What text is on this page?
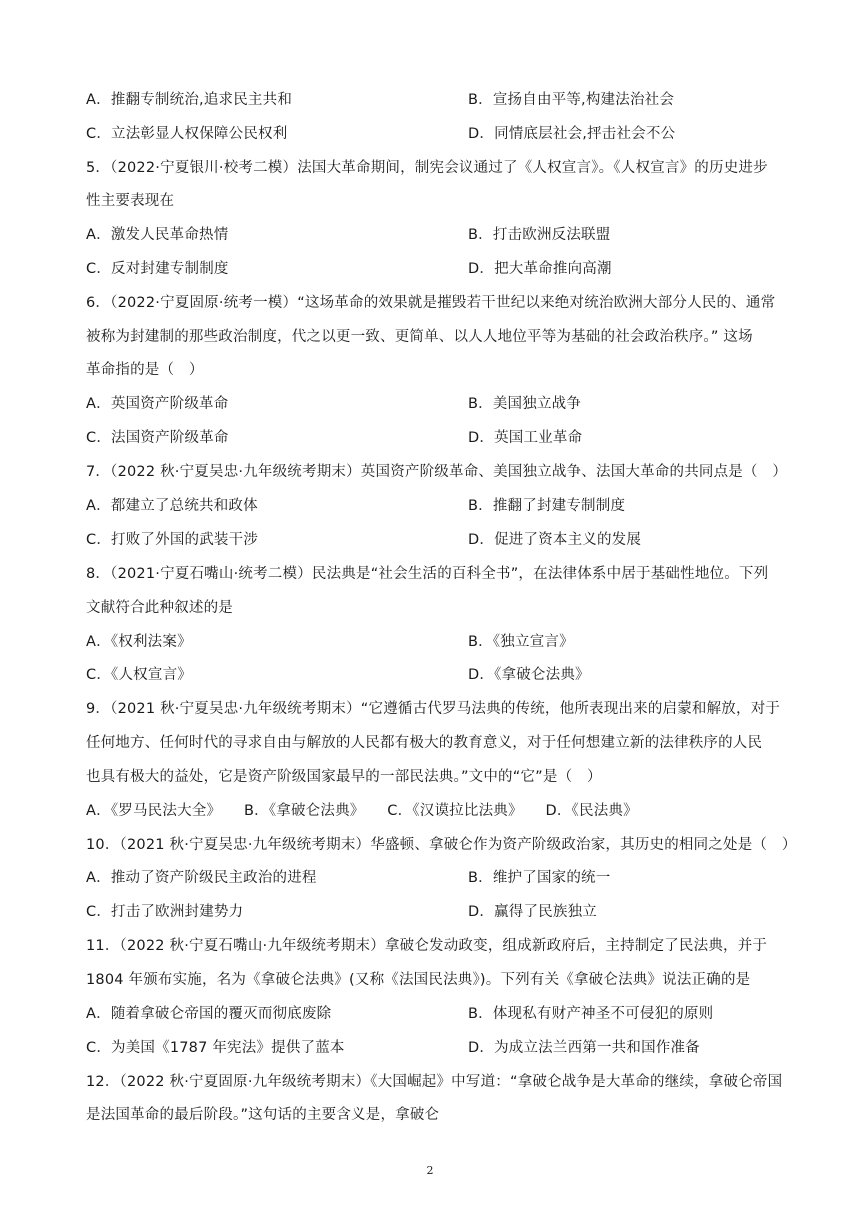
A．推翻专制统治,追求民主共和	B．宣扬自由平等,构建法治社会
C．立法彰显人权保障公民权利	D．同情底层社会,抨击社会不公
5．（2022·宁夏银川·校考二模）法国大革命期间，制宪会议通过了《人权宣言》。《人权宣言》的历史进步
性主要表现在
A．激发人民革命热情	B．打击欧洲反法联盟
C．反对封建专制制度	D．把大革命推向高潮
6．（2022·宁夏固原·统考一模）“这场革命的效果就是摧毁若干世纪以来绝对统治欧洲大部分人民的、通常
被称为封建制的那些政治制度，代之以更一致、更简单、以人人地位平等为基础的社会政治秩序。” 这场
革命指的是（　）
A．英国资产阶级革命	B．美国独立战争
C．法国资产阶级革命	D．英国工业革命
7．（2022 秋·宁夏吴忠·九年级统考期末）英国资产阶级革命、美国独立战争、法国大革命的共同点是（　）
A．都建立了总统共和政体	B．推翻了封建专制制度
C．打败了外国的武装干涉	D．促进了资本主义的发展
8．（2021·宁夏石嘴山·统考二模）民法典是“社会生活的百科全书”，在法律体系中居于基础性地位。下列
文献符合此种叙述的是
A．《权利法案》	B．《独立宣言》
C．《人权宣言》	D．《拿破仑法典》
9．（2021 秋·宁夏吴忠·九年级统考期末）“它遵循古代罗马法典的传统，他所表现出来的启蒙和解放，对于
任何地方、任何时代的寻求自由与解放的人民都有极大的教育意义，对于任何想建立新的法律秩序的人民
也具有极大的益处，它是资产阶级国家最早的一部民法典。”文中的“它”是（　）
A．《罗马民法大全》 B．《拿破仑法典》 C．《汉谟拉比法典》 D．《民法典》
10．（2021 秋·宁夏吴忠·九年级统考期末）华盛顿、拿破仑作为资产阶级政治家，其历史的相同之处是（　）
A．推动了资产阶级民主政治的进程	B．维护了国家的统一
C．打击了欧洲封建势力	D．赢得了民族独立
11．（2022 秋·宁夏石嘴山·九年级统考期末）拿破仑发动政变，组成新政府后，主持制定了民法典，并于
1804 年颁布实施，名为《拿破仑法典》(又称《法国民法典》)。下列有关《拿破仑法典》说法正确的是
A．随着拿破仑帝国的覆灭而彻底废除	B．体现私有财产神圣不可侵犯的原则
C．为美国《1787 年宪法》提供了蓝本	D．为成立法兰西第一共和国作准备
12．（2022 秋·宁夏固原·九年级统考期末）《大国崛起》中写道：“拿破仑战争是大革命的继续，拿破仑帝国
是法国革命的最后阶段。”这句话的主要含义是，拿破仑
2
